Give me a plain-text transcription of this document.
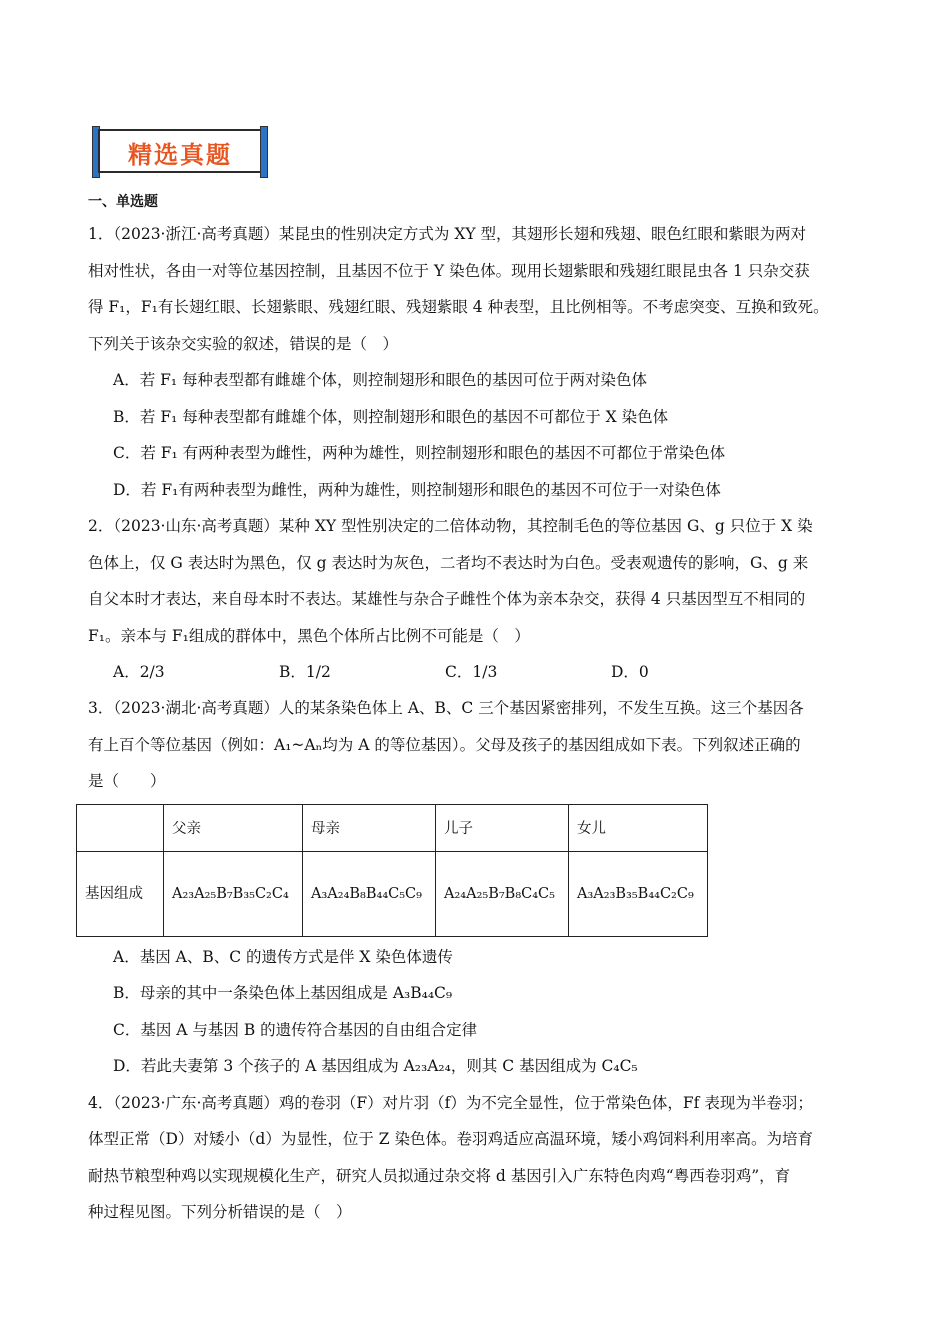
精选真题
一、单选题

1．（2023·浙江·高考真题）某昆虫的性别决定方式为 XY 型，其翅形长翅和残翅、眼色红眼和紫眼为两对

相对性状，各由一对等位基因控制，且基因不位于 Y 染色体。现用长翅紫眼和残翅红眼昆虫各 1 只杂交获

得 F₁，F₁有长翅红眼、长翅紫眼、残翅红眼、残翅紫眼 4 种表型，且比例相等。不考虑突变、互换和致死。

下列关于该杂交实验的叙述，错误的是（　）

A．若 F₁ 每种表型都有雌雄个体，则控制翅形和眼色的基因可位于两对染色体

B．若 F₁ 每种表型都有雌雄个体，则控制翅形和眼色的基因不可都位于 X 染色体

C．若 F₁ 有两种表型为雌性，两种为雄性，则控制翅形和眼色的基因不可都位于常染色体

D．若 F₁有两种表型为雌性，两种为雄性，则控制翅形和眼色的基因不可位于一对染色体

2．（2023·山东·高考真题）某种 XY 型性别决定的二倍体动物，其控制毛色的等位基因 G、g 只位于 X 染

色体上，仅 G 表达时为黑色，仅 g 表达时为灰色，二者均不表达时为白色。受表观遗传的影响，G、g 来

自父本时才表达，来自母本时不表达。某雄性与杂合子雌性个体为亲本杂交，获得 4 只基因型互不相同的

F₁。亲本与 F₁组成的群体中，黑色个体所占比例不可能是（　）

A．2/3	B．1/2	C．1/3	D．0

3．（2023·湖北·高考真题）人的某条染色体上 A、B、C 三个基因紧密排列，不发生互换。这三个基因各

有上百个等位基因（例如：A₁~Aₙ均为 A 的等位基因）。父母及孩子的基因组成如下表。下列叙述正确的

是（　　）

	父亲	母亲	儿子	女儿
基因组成	A₂₃A₂₅B₇B₃₅C₂C₄	A₃A₂₄B₈B₄₄C₅C₉	A₂₄A₂₅B₇B₈C₄C₅	A₃A₂₃B₃₅B₄₄C₂C₉

A．基因 A、B、C 的遗传方式是伴 X 染色体遗传

B．母亲的其中一条染色体上基因组成是 A₃B₄₄C₉

C．基因 A 与基因 B 的遗传符合基因的自由组合定律

D．若此夫妻第 3 个孩子的 A 基因组成为 A₂₃A₂₄，则其 C 基因组成为 C₄C₅

4．（2023·广东·高考真题）鸡的卷羽（F）对片羽（f）为不完全显性，位于常染色体，Ff 表现为半卷羽；

体型正常（D）对矮小（d）为显性，位于 Z 染色体。卷羽鸡适应高温环境，矮小鸡饲料利用率高。为培育

耐热节粮型种鸡以实现规模化生产，研究人员拟通过杂交将 d 基因引入广东特色肉鸡“粤西卷羽鸡”，育

种过程见图。下列分析错误的是（　）
